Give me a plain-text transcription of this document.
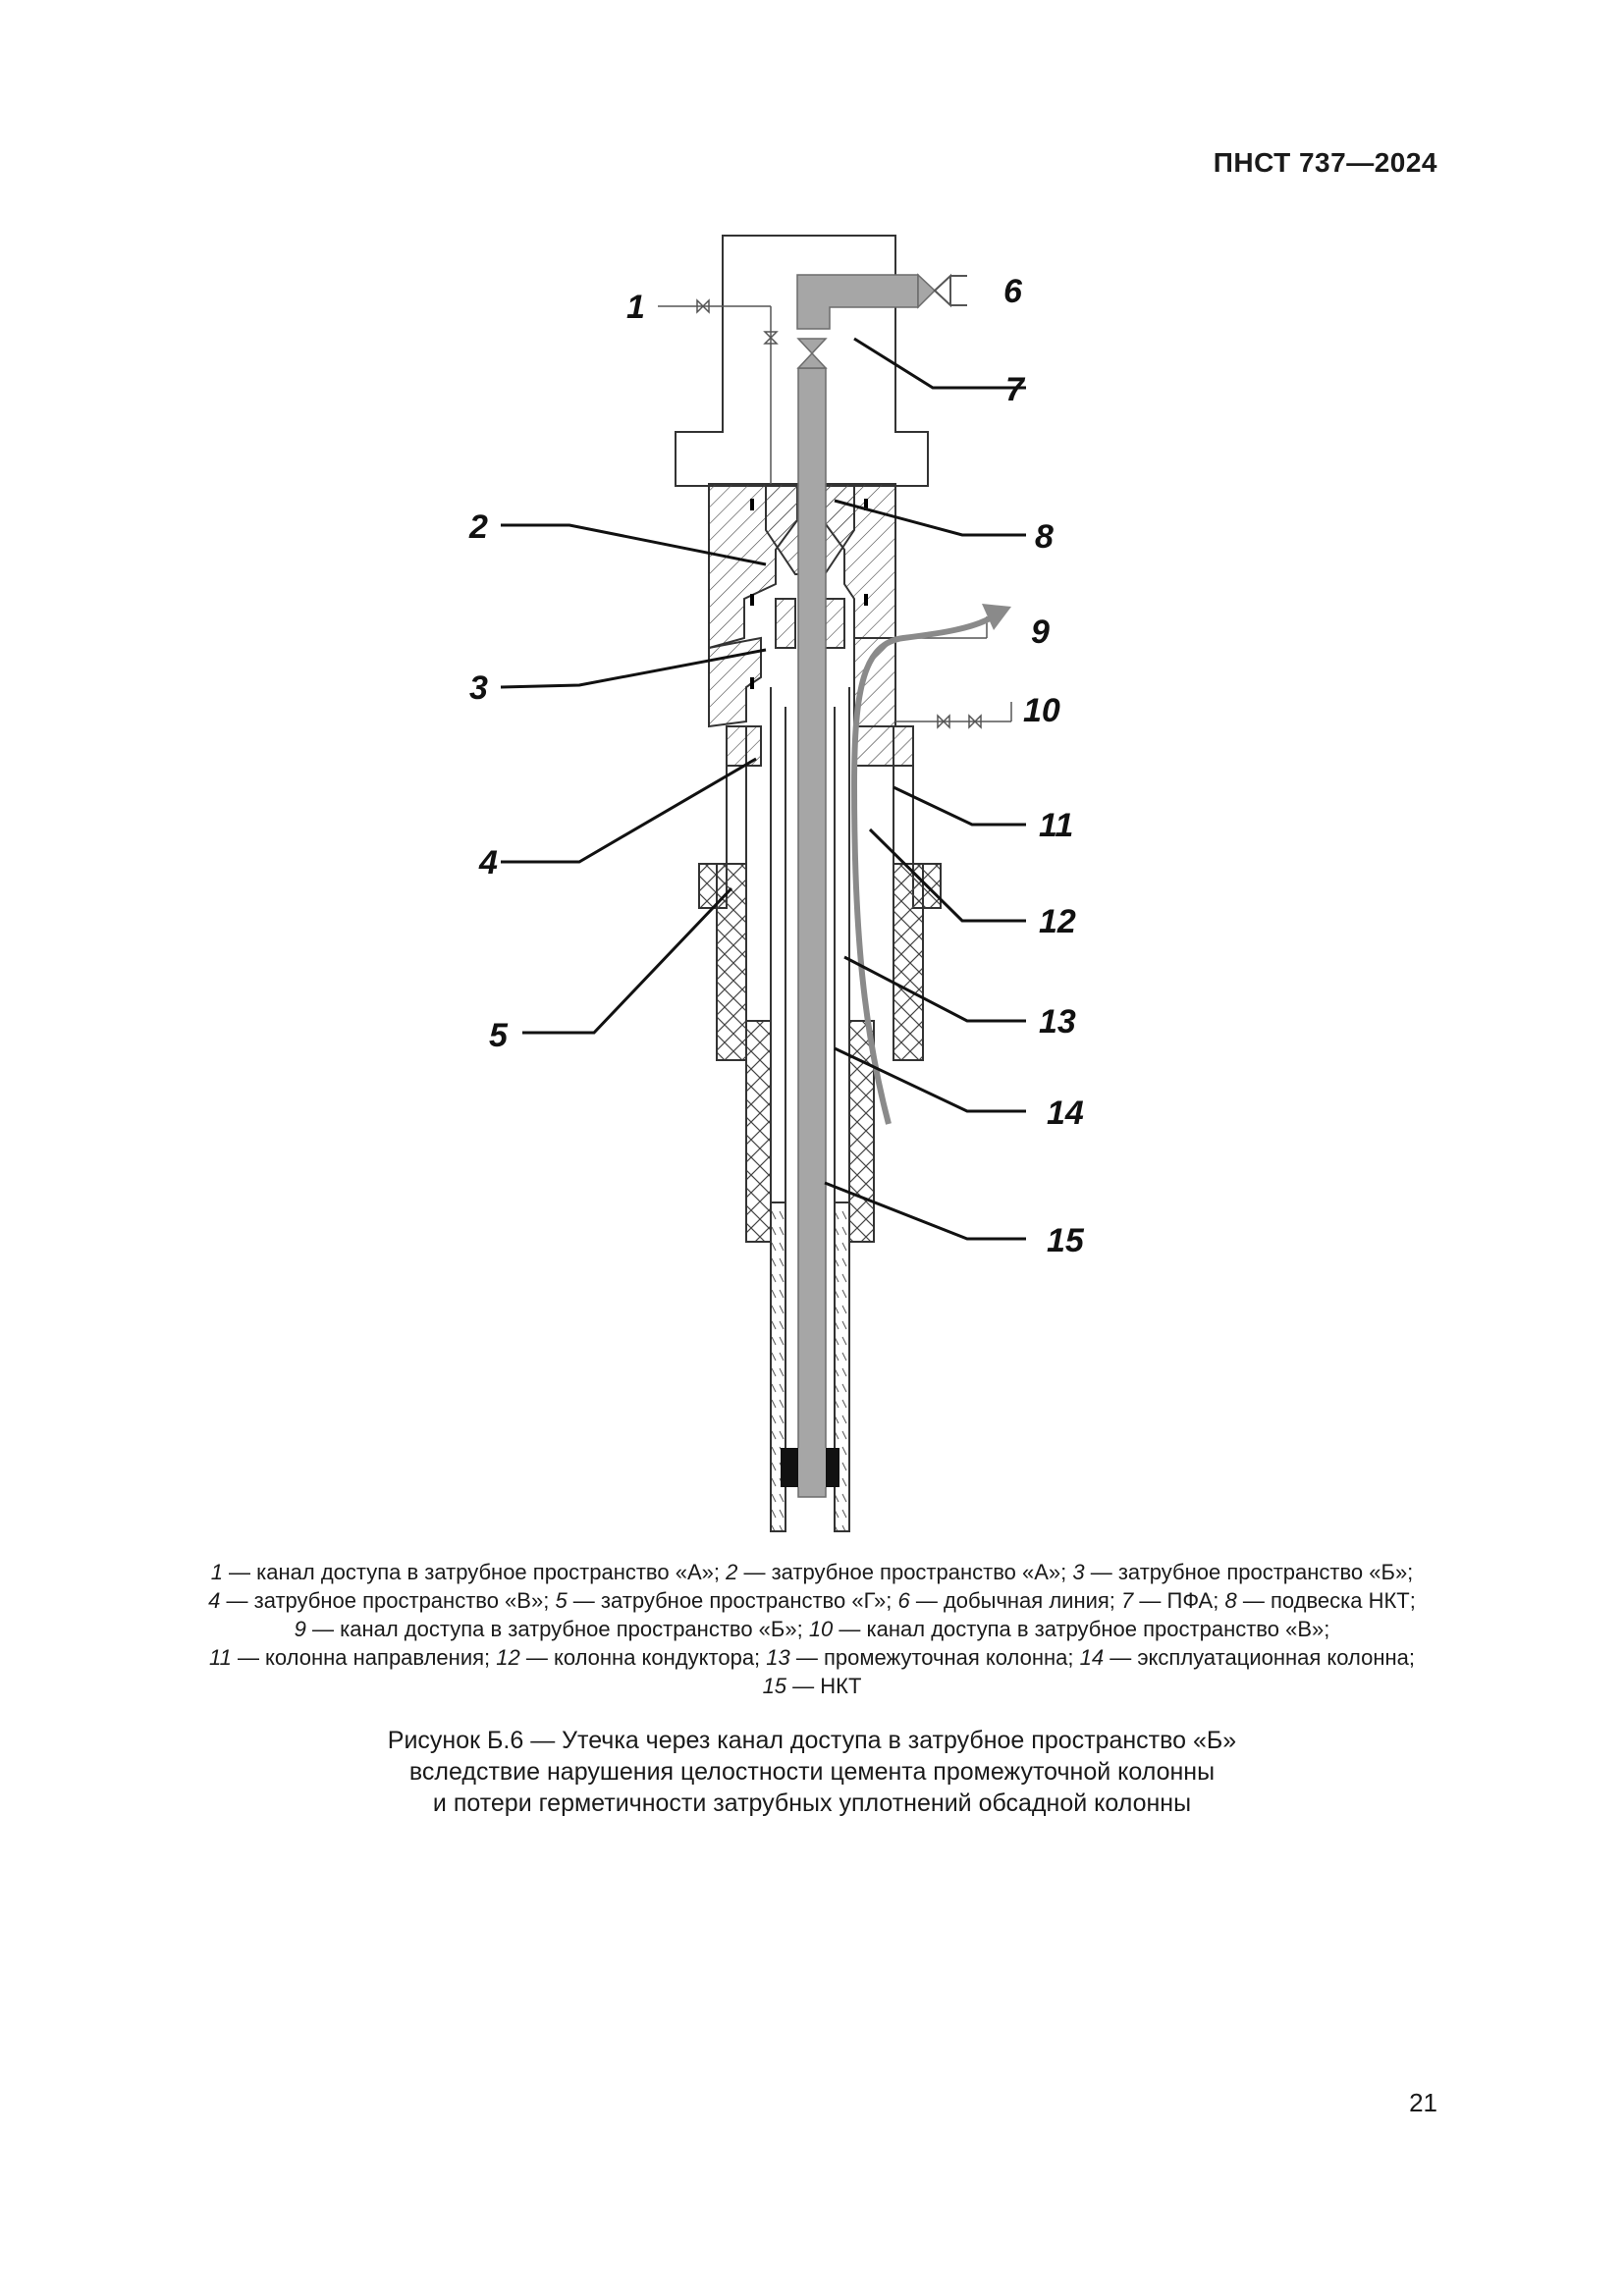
ПНСТ 737—2024
1
2
3
4
5
6
7
8
9
10
11
12
13
14
15
1 — канал доступа в затрубное пространство «А»; 2 — затрубное пространство «А»; 3 — затрубное пространство «Б»;
4 — затрубное пространство «В»; 5 — затрубное пространство «Г»; 6 — добычная линия; 7 — ПФА; 8 — подвеска НКТ;
9 — канал доступа в затрубное пространство «Б»; 10 — канал доступа в затрубное пространство «В»;
11 — колонна направления; 12 — колонна кондуктора; 13 — промежуточная колонна; 14 — эксплуатационная колонна;
15 — НКТ
Рисунок Б.6 — Утечка через канал доступа в затрубное пространство «Б»
вследствие нарушения целостности цемента промежуточной колонны
и потери герметичности затрубных уплотнений обсадной колонны
21
